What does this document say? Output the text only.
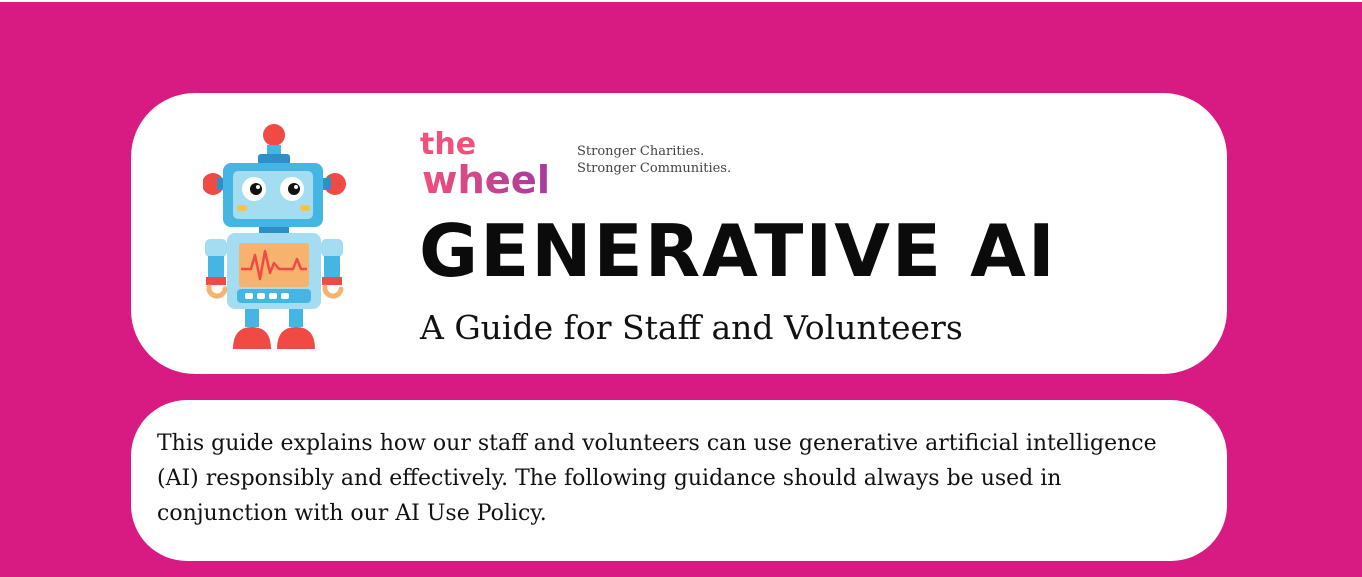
the
wheel
Stronger Charities.
Stronger Communities.
GENERATIVE AI
A Guide for Staff and Volunteers
This guide explains how our staff and volunteers can use generative artificial intelligence (AI) responsibly and effectively. The following guidance should always be used in conjunction with our AI Use Policy.
